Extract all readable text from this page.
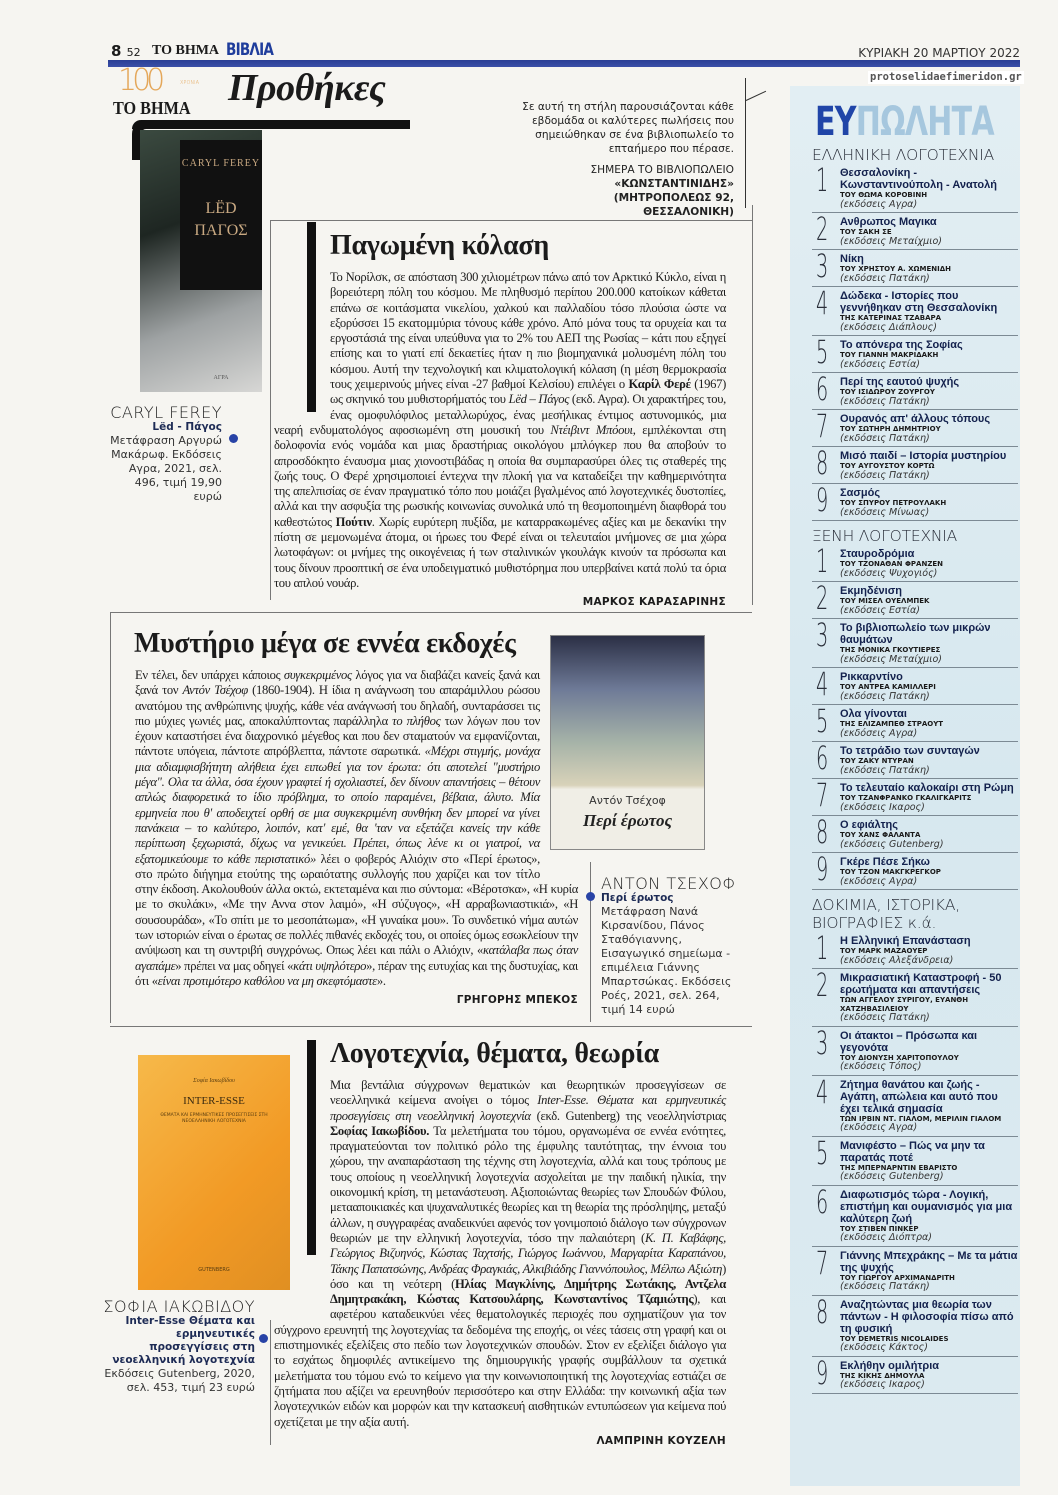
8 52 ΤΟ ΒΗΜΑ ΒΙΒΛΙΑ	ΚΥΡΙΑΚΗ 20 ΜΑΡΤΙΟΥ 2022
100	ΧΡΟΝΙΑ
ΤΟ ΒΗΜΑ Προθήκες	Σε αυτή τη στήλη παρουσιάζονται κάθε εβδομάδα οι καλύτερες πωλήσεις που σημειώθηκαν σε ένα βιβλιοπωλείο το επταήμερο που πέρασε.

ΣΗΜΕΡΑ ΤΟ ΒΙΒΛΙΟΠΩΛΕΙΟ
«ΚΩΝΣΤΑΝΤΙΝΙΔΗΣ»
(ΜΗΤΡΟΠΟΛΕΩΣ 92, ΘΕΣΣΑΛΟΝΙΚΗ)
CARYL FEREY
LËD
ΠΑΓΟΣ
ΑΓΡΑ
Παγωμένη κόλαση
Το Νορίλσκ, σε απόσταση 300 χιλιομέτρων πάνω από τον Αρκτικό Κύκλο, είναι η βορειότερη πόλη του κόσμου. Με πληθυσμό περίπου 200.000 κατοίκων κάθεται επάνω σε κοιτάσματα νικελίου, χαλκού και παλλαδίου τόσο πλούσια ώστε να εξορύσσει 15 εκατομμύρια τόνους κάθε χρόνο. Από μόνα τους τα ορυχεία και τα εργοστάσιά της είναι υπεύθυνα για το 2% του ΑΕΠ της Ρωσίας – κάτι που εξηγεί επίσης και το γιατί επί δεκαετίες ήταν η πιο βιομηχανικά μολυσμένη πόλη του κόσμου. Αυτή την τεχνολογική και κλιματολογική κόλαση (η μέση θερμοκρασία τους χειμερινούς μήνες είναι -27 βαθμοί Κελσίου) επιλέγει ο Καρίλ Φερέ (1967) ως σκηνικό του μυθιστορήματός του Lëd – Πάγος (εκδ. Αγρα). Οι χαρακτήρες του, ένας ομοφυλόφιλος μεταλλωρύχος, ένας μεσήλικας έντιμος αστυνομικός, μια νεαρή ενδυματολόγος αφοσιωμένη στη μουσική του Ντέιβιντ Μπόουι, εμπλέκονται στη δολοφονία ενός νομάδα και μιας δραστήριας οικολόγου μπλόγκερ που θα αποβούν το απροσδόκητο έναυσμα μιας χιονοστιβάδας η οποία θα συμπαρασύρει όλες τις σταθερές της ζωής τους. Ο Φερέ χρησιμοποιεί έντεχνα την πλοκή για να καταδείξει την καθημερινότητα της απελπισίας σε έναν πραγματικό τόπο που μοιάζει βγαλμένος από λογοτεχνικές δυστοπίες, αλλά και την ασφυξία της ρωσικής κοινωνίας συνολικά υπό τη θεσμοποιημένη διαφθορά του καθεστώτος Πούτιν. Χωρίς ευρύτερη πυξίδα, με καταρρακωμένες αξίες και με δεκανίκι την πίστη σε μεμονωμένα άτομα, οι ήρωες του Φερέ είναι οι τελευταίοι μνήμονες σε μια χώρα λωτοφάγων: οι μνήμες της οικογένειας ή των σταλινικών γκουλάγκ κινούν τα πρόσωπα και τους δίνουν προοπτική σε ένα υποδειγματικό μυθιστόρημα που υπερβαίνει κατά πολύ τα όρια του απλού νουάρ.
ΜΑΡΚΟΣ ΚΑΡΑΣΑΡΙΝΗΣ
CARYL FEREY
Lëd - Πάγος
Μετάφραση Αργυρώ Μακάρωφ. Εκδόσεις Αγρα, 2021, σελ. 496, τιμή 19,90 ευρώ
Μυστήριο μέγα σε εννέα εκδοχές
Αντόν Τσέχοφ
Περί έρωτος
Εν τέλει, δεν υπάρχει κάποιος συγκεκριμένος λόγος για να διαβάζει κανείς ξανά και ξανά τον Αντόν Τσέχοφ (1860-1904). Η ίδια η ανάγνωση του απαράμιλλου ρώσου ανατόμου της ανθρώπινης ψυχής, κάθε νέα ανάγνωσή του δηλαδή, συνταράσσει τις πιο μύχιες γωνιές μας, αποκαλύπτοντας παράλληλα το πλήθος των λόγων που τον έχουν καταστήσει ένα διαχρονικό μέγεθος και που δεν σταματούν να εμφανίζονται, πάντοτε υπόγεια, πάντοτε απρόβλεπτα, πάντοτε σαρωτικά. «Μέχρι στιγμής, μονάχα μια αδιαμφισβήτητη αλήθεια έχει ειπωθεί για τον έρωτα: ότι αποτελεί "μυστήριο μέγα". Ολα τα άλλα, όσα έχουν γραφτεί ή σχολιαστεί, δεν δίνουν απαντήσεις – θέτουν απλώς διαφορετικά το ίδιο πρόβλημα, το οποίο παραμένει, βέβαια, άλυτο. Μία ερμηνεία που θ' αποδειχτεί ορθή σε μια συγκεκριμένη συνθήκη δεν μπορεί να γίνει πανάκεια – το καλύτερο, λοιπόν, κατ' εμέ, θα 'ταν να εξετάζει κανείς την κάθε περίπτωση ξεχωριστά, δίχως να γενικεύει. Πρέπει, όπως λένε κι οι γιατροί, να εξατομικεύουμε το κάθε περιστατικό» λέει ο φοβερός Αλιόχιν στο «Περί έρωτος», στο πρώτο διήγημα ετούτης της ωραιότατης συλλογής που χαρίζει και τον τίτλο στην έκδοση. Ακολουθούν άλλα οκτώ, εκτεταμένα και πιο σύντομα: «Βέροτσκα», «Η κυρία με το σκυλάκι», «Με την Αννα στον λαιμό», «Η σύζυγος», «Η αρραβωνιαστικιά», «Η σουσουράδα», «Το σπίτι με το μεσοπάτωμα», «Η γυναίκα μου». Το συνδετικό νήμα αυτών των ιστοριών είναι ο έρωτας σε πολλές πιθανές εκδοχές του, οι οποίες όμως εσωκλείουν την ανύψωση και τη συντριβή συγχρόνως. Οπως λέει και πάλι ο Αλιόχιν, «κατάλαβα πως όταν αγαπάμε» πρέπει να μας οδηγεί «κάτι υψηλότερο», πέραν της ευτυχίας και της δυστυχίας, και ότι «είναι προτιμότερο καθόλου να μη σκεφτόμαστε».
ΓΡΗΓΟΡΗΣ ΜΠΕΚΟΣ
ΑΝΤΟΝ ΤΣΕΧΟΦ
Περί έρωτος
Μετάφραση Νανά Κιρσανίδου, Πάνος Σταθόγιαννης, Εισαγωγικό σημείωμα - επιμέλεια Γιάννης Μπαρτσώκας. Εκδόσεις Ροές, 2021, σελ. 264, τιμή 14 ευρώ
Σοφία Ιακωβίδου
INTER-ESSE
ΘΕΜΑΤΑ ΚΑΙ ΕΡΜΗΝΕΥΤΙΚΕΣ ΠΡΟΣΕΓΓΙΣΕΙΣ ΣΤΗ ΝΕΟΕΛΛΗΝΙΚΗ ΛΟΓΟΤΕΧΝΙΑ
GUTENBERG
Λογοτεχνία, θέματα, θεωρία
Μια βεντάλια σύγχρονων θεματικών και θεωρητικών προσεγγίσεων σε νεοελληνικά κείμενα ανοίγει ο τόμος Inter-Esse. Θέματα και ερμηνευτικές προσεγγίσεις στη νεοελληνική λογοτεχνία (εκδ. Gutenberg) της νεοελληνίστριας Σοφίας Ιακωβίδου. Τα μελετήματα του τόμου, οργανωμένα σε εννέα ενότητες, πραγματεύονται τον πολιτικό ρόλο της έμφυλης ταυτότητας, την έννοια του χώρου, την αναπαράσταση της τέχνης στη λογοτεχνία, αλλά και τους τρόπους με τους οποίους η νεοελληνική λογοτεχνία ασχολείται με την παιδική ηλικία, την οικονομική κρίση, τη μετανάστευση. Αξιοποιώντας θεωρίες των Σπουδών Φύλου, μετααποικιακές και ψυχαναλυτικές θεωρίες και τη θεωρία της πρόσληψης, μεταξύ άλλων, η συγγραφέας αναδεικνύει αφενός τον γονιμοποιό διάλογο των σύγχρονων θεωριών με την ελληνική λογοτεχνία, τόσο την παλαιότερη (Κ. Π. Καβάφης, Γεώργιος Βιζυηνός, Κώστας Ταχτσής, Γιώργος Ιωάννου, Μαργαρίτα Καραπάνου, Τάκης Παπατσώνης, Ανδρέας Φραγκιάς, Αλκιβιάδης Γιαννόπουλος, Μέλπω Αξιώτη) όσο και τη νεότερη (Ηλίας Μαγκλίνης, Δημήτρης Σωτάκης, Αντζελα Δημητρακάκη, Κώστας Κατσουλάρης, Κωνσταντίνος Τζαμιώτης), και αφετέρου καταδεικνύει νέες θεματολογικές περιοχές που σχηματίζουν για τον σύγχρονο ερευνητή της λογοτεχνίας τα δεδομένα της εποχής, οι νέες τάσεις στη γραφή και οι επιστημονικές εξελίξεις στο πεδίο των λογοτεχνικών σπουδών. Στον εν εξελίξει διάλογο για το εσχάτως δημοφιλές αντικείμενο της δημιουργικής γραφής συμβάλλουν τα σχετικά μελετήματα του τόμου ενώ το κείμενο για την κοινωνιοποιητική της λογοτεχνίας εστιάζει σε ζητήματα που αξίζει να ερευνηθούν περισσότερο και στην Ελλάδα: την κοινωνική αξία των λογοτεχνικών ειδών και μορφών και την κατασκευή αισθητικών εντυπώσεων για κείμενα πού σχετίζεται με την αξία αυτή.
ΛΑΜΠΡΙΝΗ ΚΟΥΖΕΛΗ
ΣΟΦΙΑ ΙΑΚΩΒΙΔΟΥ
Inter-Esse Θέματα και ερμηνευτικές προσεγγίσεις στη νεοελληνική λογοτεχνία
Εκδόσεις Gutenberg, 2020, σελ. 453, τιμή 23 ευρώ
protoselidaefimeridon.gr
ΕΥΠΩΛΗΤΑ
ΕΛΛΗΝΙΚΗ ΛΟΓΟΤΕΧΝΙΑ
1 Θεσσαλονίκη - Κωνσταντινούπολη - Ανατολή
ΤΟΥ ΘΩΜΑ ΚΟΡΟΒΙΝΗ
(εκδόσεις Αγρα)
2 Ανθρωπος Μαγικα
ΤΟΥ ΣΑΚΗ ΣΕ
(εκδόσεις Μεταίχμιο)
3 Νίκη
ΤΟΥ ΧΡΗΣΤΟΥ Α. ΧΩΜΕΝΙΔΗ
(εκδόσεις Πατάκη)
4 Δώδεκα - Ιστορίες που γεννήθηκαν στη Θεσσαλονίκη
ΤΗΣ ΚΑΤΕΡΙΝΑΣ ΤΖΑΒΑΡΑ
(εκδόσεις Διάπλους)
5 Το απόνερα της Σοφίας
ΤΟΥ ΓΙΑΝΝΗ ΜΑΚΡΙΔΑΚΗ
(εκδόσεις Εστία)
6 Περί της εαυτού ψυχής
ΤΟΥ ΙΣΙΔΩΡΟΥ ΖΟΥΡΓΟΥ
(εκδόσεις Πατάκη)
7 Ουρανός απ' άλλους τόπους
ΤΟΥ ΣΩΤΗΡΗ ΔΗΜΗΤΡΙΟΥ
(εκδόσεις Πατάκη)
8 Μισό παιδί – Ιστορία μυστηρίου
ΤΟΥ ΑΥΓΟΥΣΤΟΥ ΚΟΡΤΩ
(εκδόσεις Πατάκη)
9 Σασμός
ΤΟΥ ΣΠΥΡΟΥ ΠΕΤΡΟΥΛΑΚΗ
(εκδόσεις Μίνωας)
ΞΕΝΗ ΛΟΓΟΤΕΧΝΙΑ
1 Σταυροδρόμια
ΤΟΥ ΤΖΟΝΑΘΑΝ ΦΡΑΝΖΕΝ
(εκδόσεις Ψυχογιός)
2 Εκμηδένιση
ΤΟΥ ΜΙΣΕΛ ΟΥΕΛΜΠΕΚ
(εκδόσεις Εστία)
3 Το βιβλιοπωλείο των μικρών θαυμάτων
ΤΗΣ ΜΟΝΙΚΑ ΓΚΟΥΤΙΕΡΕΣ
(εκδόσεις Μεταίχμιο)
4 Ρικκαρντίνο
ΤΟΥ ΑΝΤΡΕΑ ΚΑΜΙΛΛΕΡΙ
(εκδόσεις Πατάκη)
5 Ολα γίνονται
ΤΗΣ ΕΛΙΖΑΜΠΕΘ ΣΤΡΑΟΥΤ
(εκδόσεις Αγρα)
6 Το τετράδιο των συνταγών
ΤΟΥ ΖΑΚΥ ΝΤΥΡΑΝ
(εκδόσεις Πατάκη)
7 Το τελευταίο καλοκαίρι στη Ρώμη
ΤΟΥ ΤΖΑΝΦΡΑΝΚΟ ΓΚΑΛΙΓΚΑΡΙΤΣ
(εκδόσεις Ικαρος)
8 Ο εφιάλτης
ΤΟΥ ΧΑΝΣ ΦΑΛΑΝΤΑ
(εκδόσεις Gutenberg)
9 Γκέρε Πέσε Σήκω
ΤΟΥ ΤΖΟΝ ΜΑΚΓΚΡΕΓΚΟΡ
(εκδόσεις Αγρα)
ΔΟΚΙΜΙΑ, ΙΣΤΟΡΙΚΑ, ΒΙΟΓΡΑΦΙΕΣ κ.ά.
1 Η Ελληνική Επανάσταση
ΤΟΥ ΜΑΡΚ ΜΑΖΑΟΥΕΡ
(εκδόσεις Αλεξάνδρεια)
2 Μικρασιατική Καταστροφή - 50 ερωτήματα και απαντήσεις
ΤΩΝ ΑΓΓΕΛΟΥ ΣΥΡΙΓΟΥ, ΕΥΑΝΘΗ ΧΑΤΖΗΒΑΣΙΛΕΙΟΥ
(εκδόσεις Πατάκη)
3 Οι άτακτοι – Πρόσωπα και γεγονότα
ΤΟΥ ΔΙΟΝΥΣΗ ΧΑΡΙΤΟΠΟΥΛΟΥ
(εκδόσεις Τόπος)
4 Ζήτημα θανάτου και ζωής - Αγάπη, απώλεια και αυτό που έχει τελικά σημασία
ΤΩΝ ΙΡΒΙΝ ΝΤ. ΓΙΑΛΟΜ, ΜΕΡΙΛΙΝ ΓΙΑΛΟΜ
(εκδόσεις Αγρα)
5 Μανιφέστο – Πώς να μην τα παρατάς ποτέ
ΤΗΣ ΜΠΕΡΝΑΡΝΤΙΝ ΕΒΑΡΙΣΤΟ
(εκδόσεις Gutenberg)
6 Διαφωτισμός τώρα - Λογική, επιστήμη και ουμανισμός για μια καλύτερη ζωή
ΤΟΥ ΣΤΙΒΕΝ ΠΙΝΚΕΡ
(εκδόσεις Διόπτρα)
7 Γιάννης Μπεχράκης – Με τα μάτια της ψυχής
ΤΟΥ ΓΙΩΡΓΟΥ ΑΡΧΙΜΑΝΔΡΙΤΗ
(εκδόσεις Πατάκη)
8 Αναζητώντας μια θεωρία των πάντων - Η φιλοσοφία πίσω από τη φυσική
ΤΟΥ DEMETRIS NICOLAIDES
(εκδόσεις Κάκτος)
9 Εκλήθην ομιλήτρια
ΤΗΣ ΚΙΚΗΣ ΔΗΜΟΥΛΑ
(εκδόσεις Ικαρος)
